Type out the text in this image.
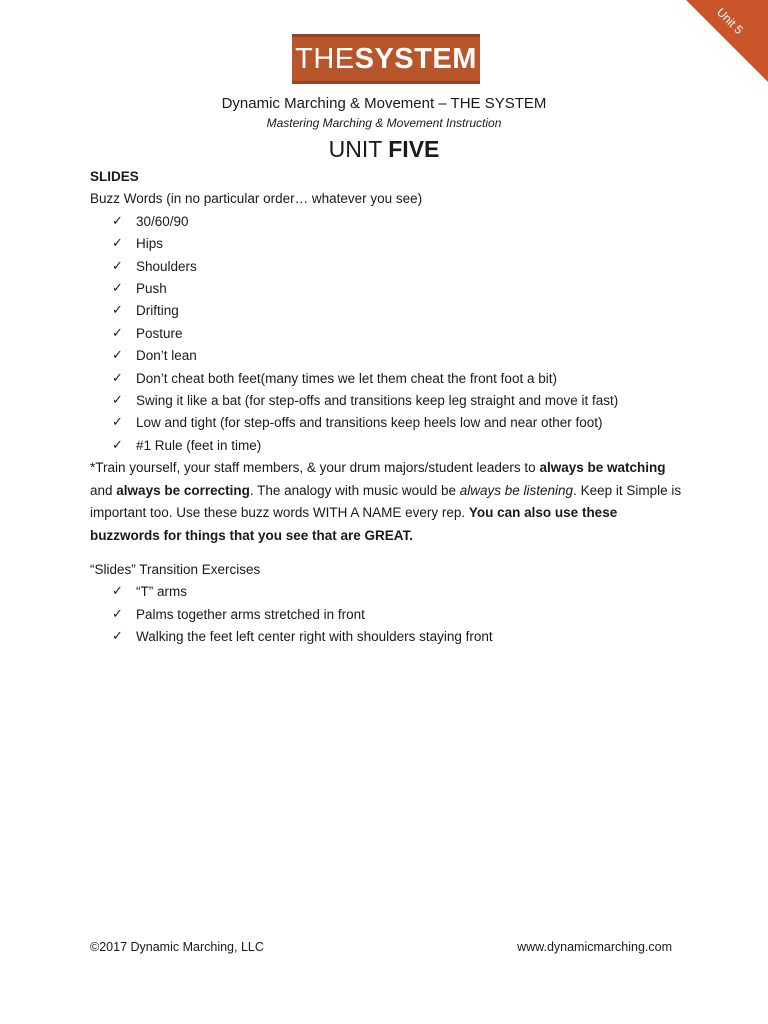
Unit 5
THE SYSTEM
Dynamic Marching & Movement – THE SYSTEM
Mastering Marching & Movement Instruction
UNIT FIVE
SLIDES
Buzz Words (in no particular order… whatever you see)
✓ 30/60/90
✓ Hips
✓ Shoulders
✓ Push
✓ Drifting
✓ Posture
✓ Don’t lean
✓ Don’t cheat both feet(many times we let them cheat the front foot a bit)
✓ Swing it like a bat (for step-offs and transitions keep leg straight and move it fast)
✓ Low and tight (for step-offs and transitions keep heels low and near other foot)
✓ #1 Rule (feet in time)

*Train yourself, your staff members, & your drum majors/student leaders to always be watching and always be correcting. The analogy with music would be always be listening. Keep it Simple is important too. Use these buzz words WITH A NAME every rep. You can also use these buzzwords for things that you see that are GREAT.

“Slides” Transition Exercises
✓ “T” arms
✓ Palms together arms stretched in front
✓ Walking the feet left center right with shoulders staying front
©2017 Dynamic Marching, LLC	www.dynamicmarching.com
